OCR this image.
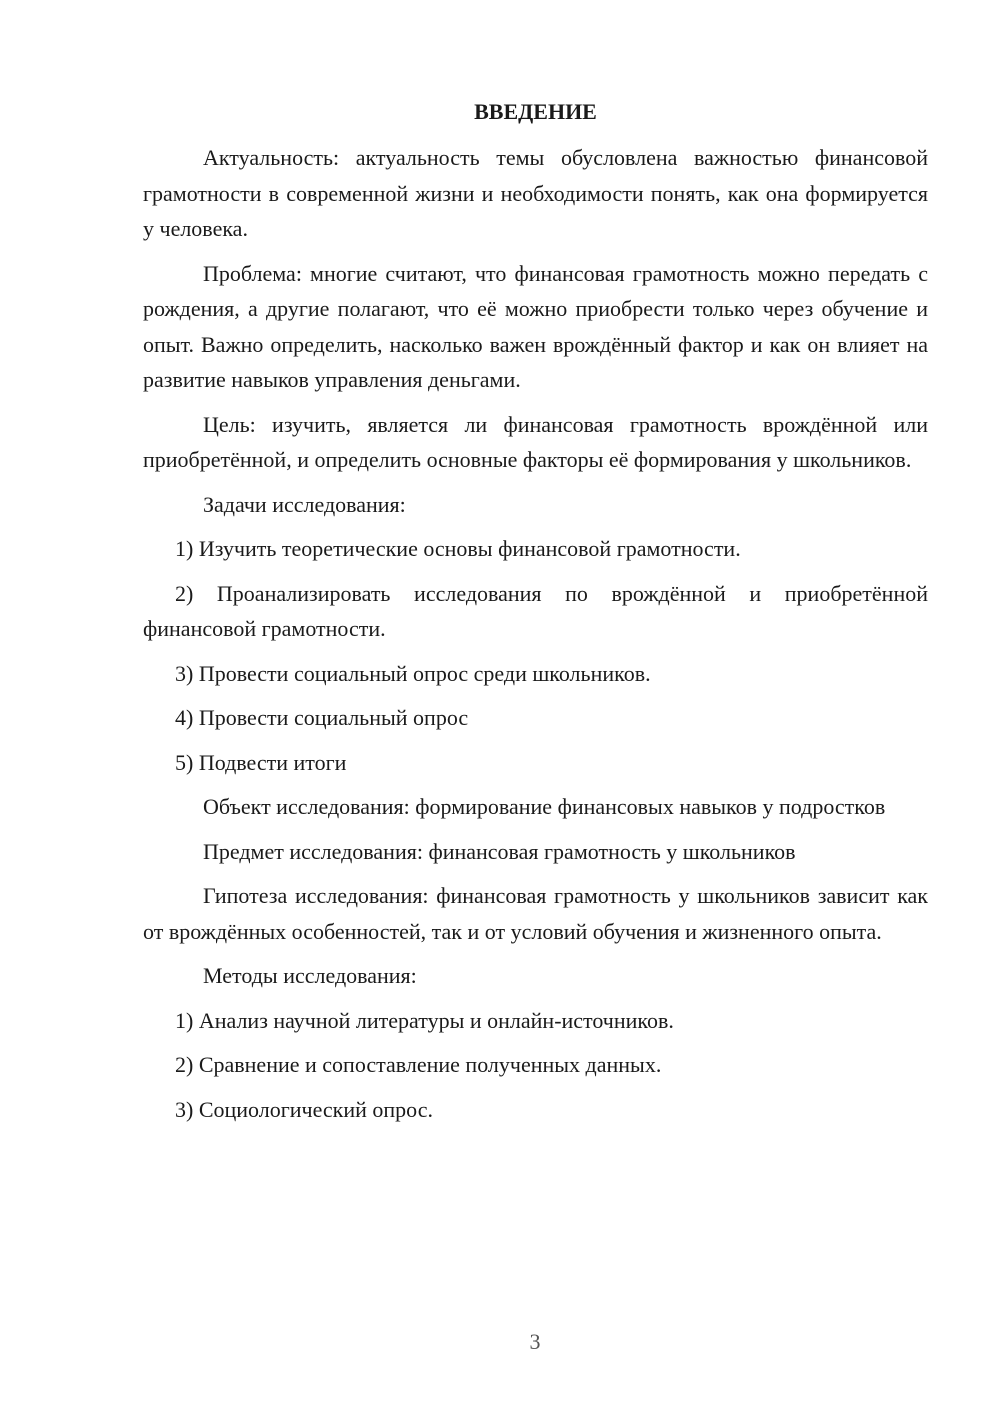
ВВЕДЕНИЕ

Актуальность: актуальность темы обусловлена важностью финансовой грамотности в современной жизни и необходимости понять, как она формируется у человека.

Проблема: многие считают, что финансовая грамотность можно передать с рождения, а другие полагают, что её можно приобрести только через обучение и опыт. Важно определить, насколько важен врождённый фактор и как он влияет на развитие навыков управления деньгами.

Цель: изучить, является ли финансовая грамотность врождённой или приобретённой, и определить основные факторы её формирования у школьников.

Задачи исследования:

1) Изучить теоретические основы финансовой грамотности.

2) Проанализировать исследования по врождённой и приобретённой финансовой грамотности.

3) Провести социальный опрос среди школьников.

4) Провести социальный опрос

5) Подвести итоги

Объект исследования: формирование финансовых навыков у подростков

Предмет исследования: финансовая грамотность у школьников

Гипотеза исследования: финансовая грамотность у школьников зависит как от врождённых особенностей, так и от условий обучения и жизненного опыта.

Методы исследования:

1) Анализ научной литературы и онлайн-источников.

2) Сравнение и сопоставление полученных данных.

3) Социологический опрос.

3
